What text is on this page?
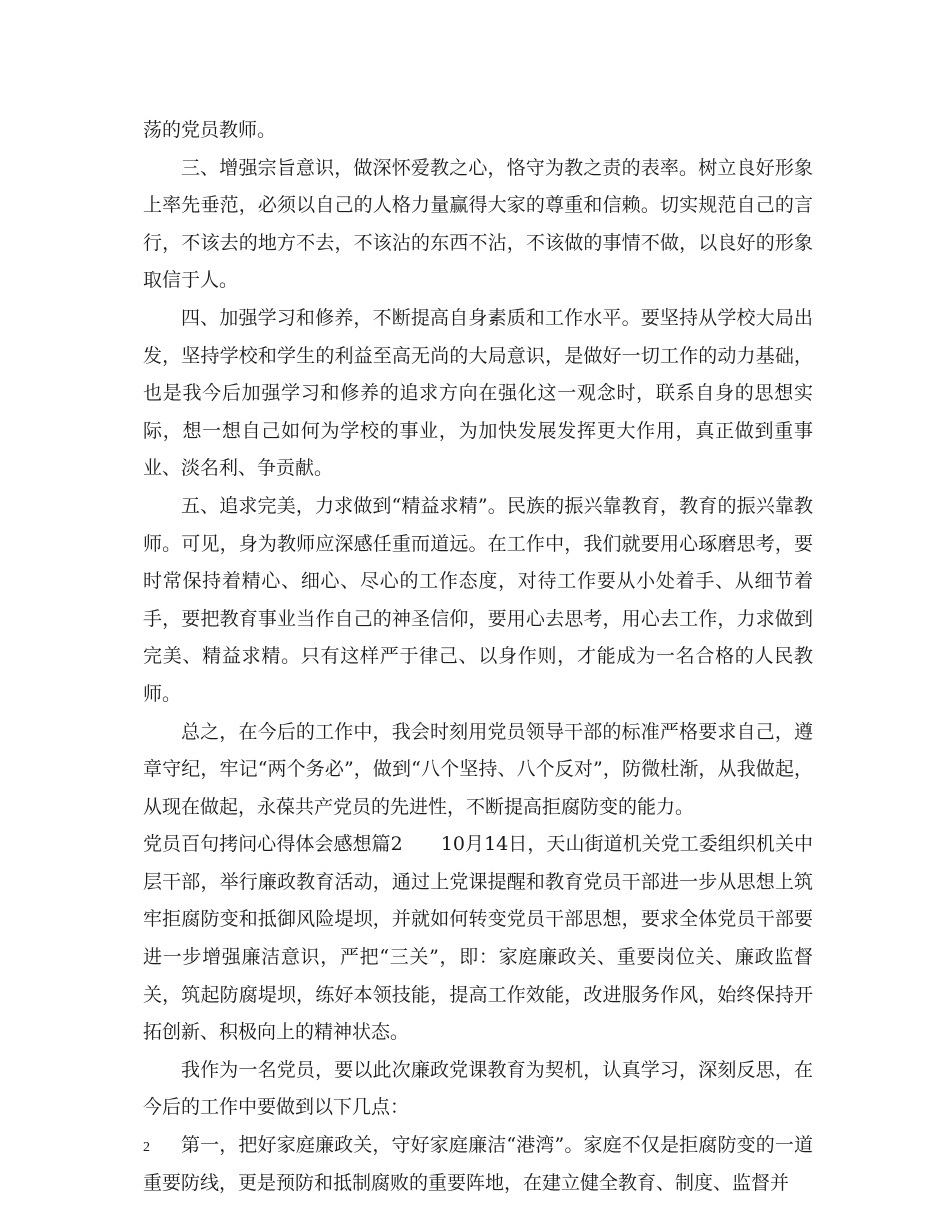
荡的党员教师。

三、增强宗旨意识，做深怀爱教之心，恪守为教之责的表率。树立良好形象上率先垂范，必须以自己的人格力量赢得大家的尊重和信赖。切实规范自己的言行，不该去的地方不去，不该沾的东西不沾，不该做的事情不做，以良好的形象取信于人。

四、加强学习和修养，不断提高自身素质和工作水平。要坚持从学校大局出发，坚持学校和学生的利益至高无尚的大局意识，是做好一切工作的动力基础，也是我今后加强学习和修养的追求方向在强化这一观念时，联系自身的思想实际，想一想自己如何为学校的事业，为加快发展发挥更大作用，真正做到重事业、淡名利、争贡献。

五、追求完美，力求做到“精益求精”。民族的振兴靠教育，教育的振兴靠教师。可见，身为教师应深感任重而道远。在工作中，我们就要用心琢磨思考，要时常保持着精心、细心、尽心的工作态度，对待工作要从小处着手、从细节着手，要把教育事业当作自己的神圣信仰，要用心去思考，用心去工作，力求做到完美、精益求精。只有这样严于律己、以身作则，才能成为一名合格的人民教师。

总之，在今后的工作中，我会时刻用党员领导干部的标准严格要求自己，遵章守纪，牢记“两个务必”，做到“八个坚持、八个反对”，防微杜渐，从我做起，从现在做起，永葆共产党员的先进性，不断提高拒腐防变的能力。

党员百句拷问心得体会感想篇2　　10月14日，天山街道机关党工委组织机关中层干部，举行廉政教育活动，通过上党课提醒和教育党员干部进一步从思想上筑牢拒腐防变和抵御风险堤坝，并就如何转变党员干部思想，要求全体党员干部要进一步增强廉洁意识，严把“三关”，即：家庭廉政关、重要岗位关、廉政监督关，筑起防腐堤坝，练好本领技能，提高工作效能，改进服务作风，始终保持开拓创新、积极向上的精神状态。

我作为一名党员，要以此次廉政党课教育为契机，认真学习，深刻反思，在今后的工作中要做到以下几点：

第一，把好家庭廉政关，守好家庭廉洁“港湾”。家庭不仅是拒腐防变的一道重要防线，更是预防和抵制腐败的重要阵地，在建立健全教育、制度、监督并

2
